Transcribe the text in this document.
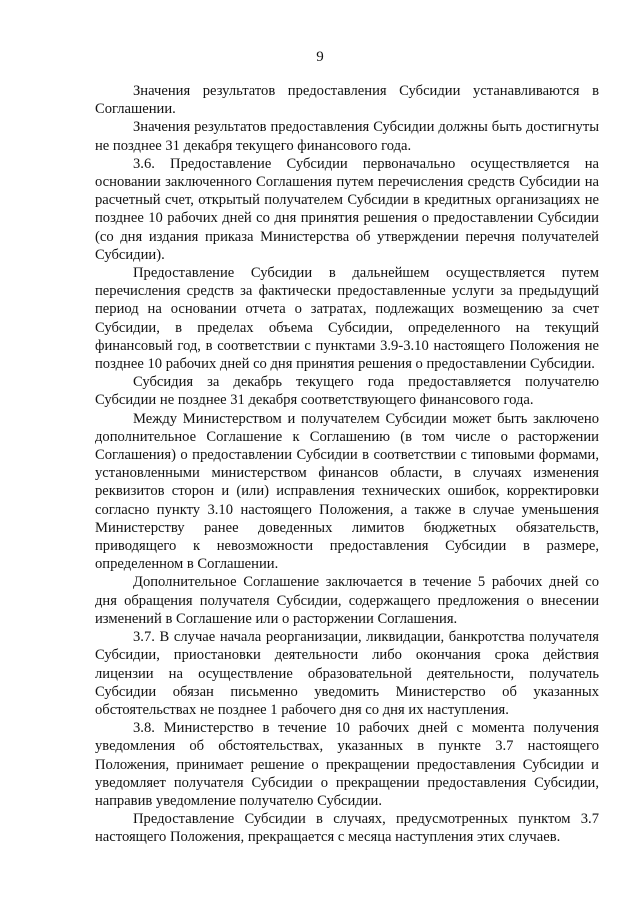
9

Значения результатов предоставления Субсидии устанавливаются в Соглашении.

Значения результатов предоставления Субсидии должны быть достигнуты не позднее 31 декабря текущего финансового года.

3.6. Предоставление Субсидии первоначально осуществляется на основании заключенного Соглашения путем перечисления средств Субсидии на расчетный счет, открытый получателем Субсидии в кредитных организациях не позднее 10 рабочих дней со дня принятия решения о предоставлении Субсидии (со дня издания приказа Министерства об утверждении перечня получателей Субсидии).

Предоставление Субсидии в дальнейшем осуществляется путем перечисления средств за фактически предоставленные услуги за предыдущий период на основании отчета о затратах, подлежащих возмещению за счет Субсидии, в пределах объема Субсидии, определенного на текущий финансовый год, в соответствии с пунктами 3.9-3.10 настоящего Положения не позднее 10 рабочих дней со дня принятия решения о предоставлении Субсидии.

Субсидия за декабрь текущего года предоставляется получателю Субсидии не позднее 31 декабря соответствующего финансового года.

Между Министерством и получателем Субсидии может быть заключено дополнительное Соглашение к Соглашению (в том числе о расторжении Соглашения) о предоставлении Субсидии в соответствии с типовыми формами, установленными министерством финансов области, в случаях изменения реквизитов сторон и (или) исправления технических ошибок, корректировки согласно пункту 3.10 настоящего Положения, а также в случае уменьшения Министерству ранее доведенных лимитов бюджетных обязательств, приводящего к невозможности предоставления Субсидии в размере, определенном в Соглашении.

Дополнительное Соглашение заключается в течение 5 рабочих дней со дня обращения получателя Субсидии, содержащего предложения о внесении изменений в Соглашение или о расторжении Соглашения.

3.7. В случае начала реорганизации, ликвидации, банкротства получателя Субсидии, приостановки деятельности либо окончания срока действия лицензии на осуществление образовательной деятельности, получатель Субсидии обязан письменно уведомить Министерство об указанных обстоятельствах не позднее 1 рабочего дня со дня их наступления.

3.8. Министерство в течение 10 рабочих дней с момента получения уведомления об обстоятельствах, указанных в пункте 3.7 настоящего Положения, принимает решение о прекращении предоставления Субсидии и уведомляет получателя Субсидии о прекращении предоставления Субсидии, направив уведомление получателю Субсидии.

Предоставление Субсидии в случаях, предусмотренных пунктом 3.7 настоящего Положения, прекращается с месяца наступления этих случаев.
